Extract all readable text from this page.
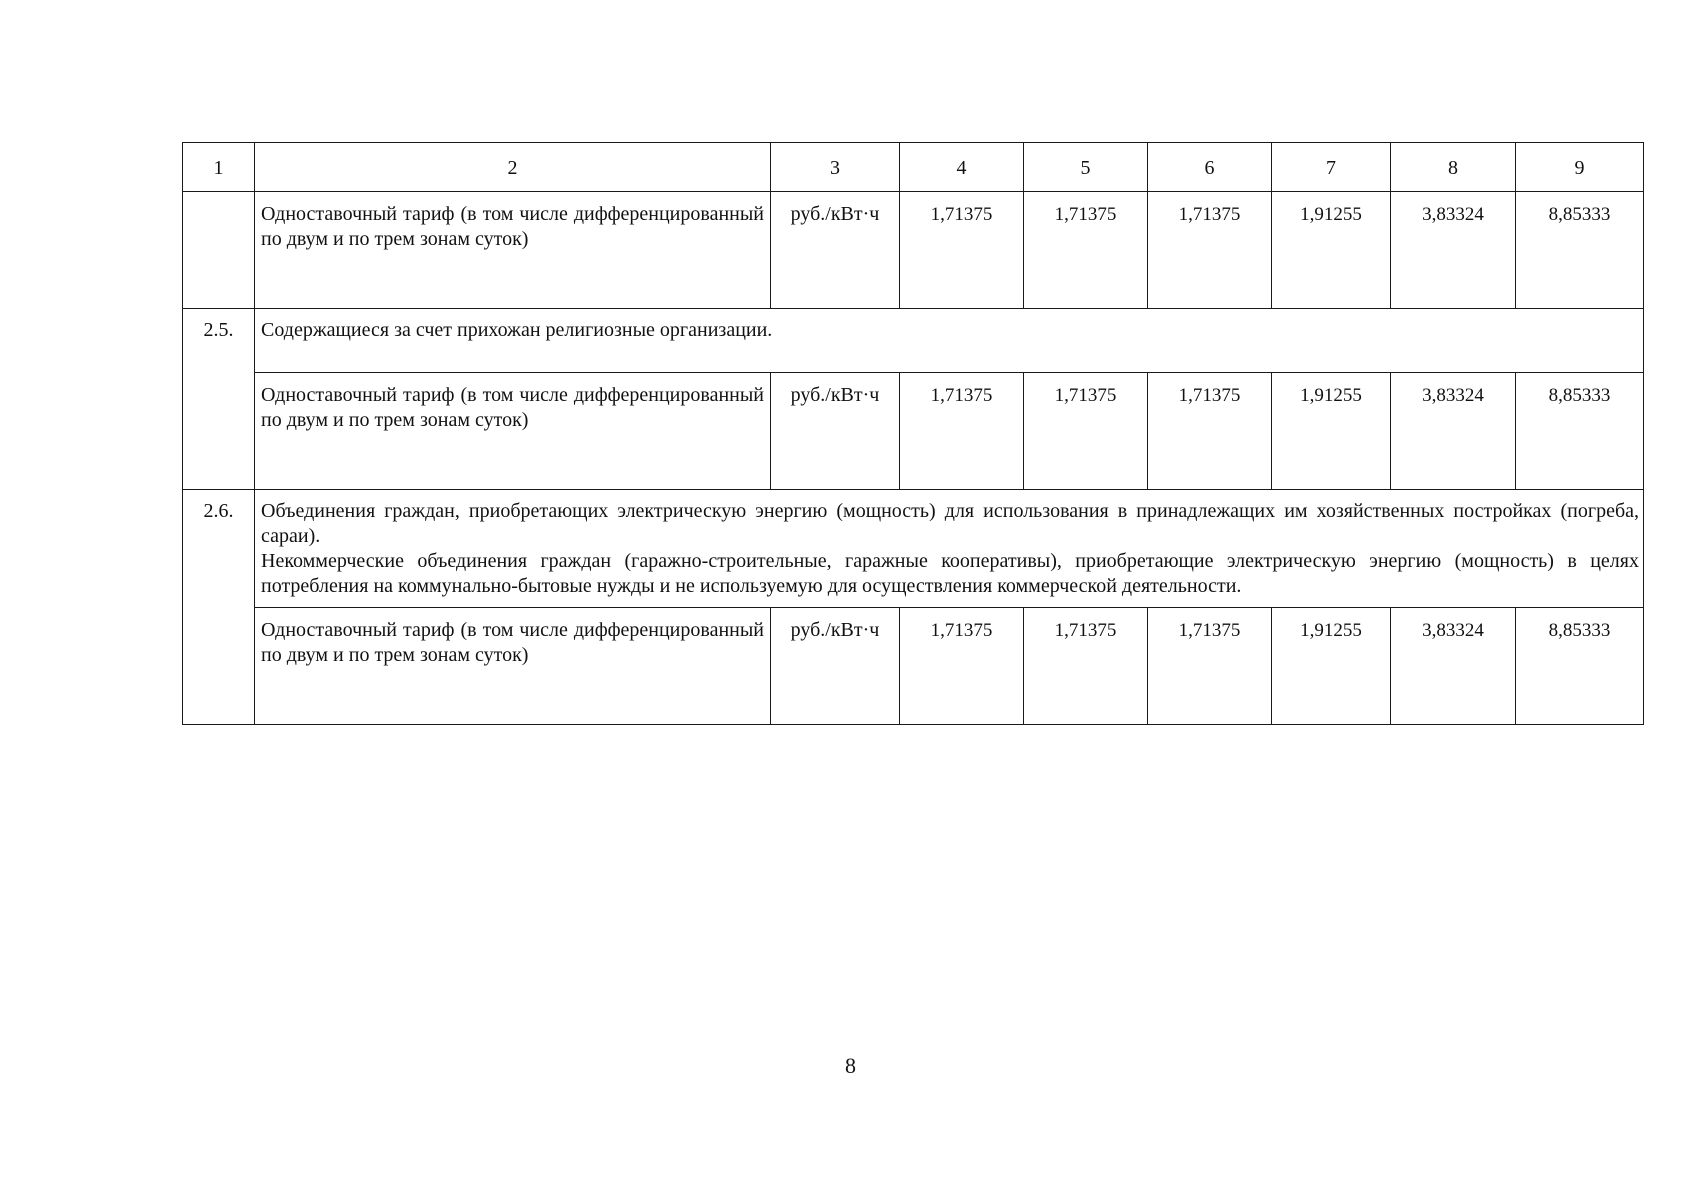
1	2	3	4	5	6	7	8	9
	Одноставочный тариф (в том числе дифференцированный по двум и по трем зонам суток)	руб./кВт·ч	1,71375	1,71375	1,71375	1,91255	3,83324	8,85333
2.5.	Содержащиеся за счет прихожан религиозные организации.							

	Одноставочный тариф (в том числе дифференцированный по двум и по трем зонам суток)	руб./кВт·ч	1,71375	1,71375	1,71375	1,91255	3,83324	8,85333
2.6.	Объединения граждан, приобретающих электрическую энергию (мощность) для использования в принадлежащих им хозяйственных постройках (погреба, сараи).
Некоммерческие объединения граждан (гаражно-строительные, гаражные кооперативы), приобретающие электрическую энергию (мощность) в целях потребления на коммунально-бытовые нужды и не используемую для осуществления коммерческой деятельности.							

	Одноставочный тариф (в том числе дифференцированный по двум и по трем зонам суток)	руб./кВт·ч	1,71375	1,71375	1,71375	1,91255	3,83324	8,85333
8
